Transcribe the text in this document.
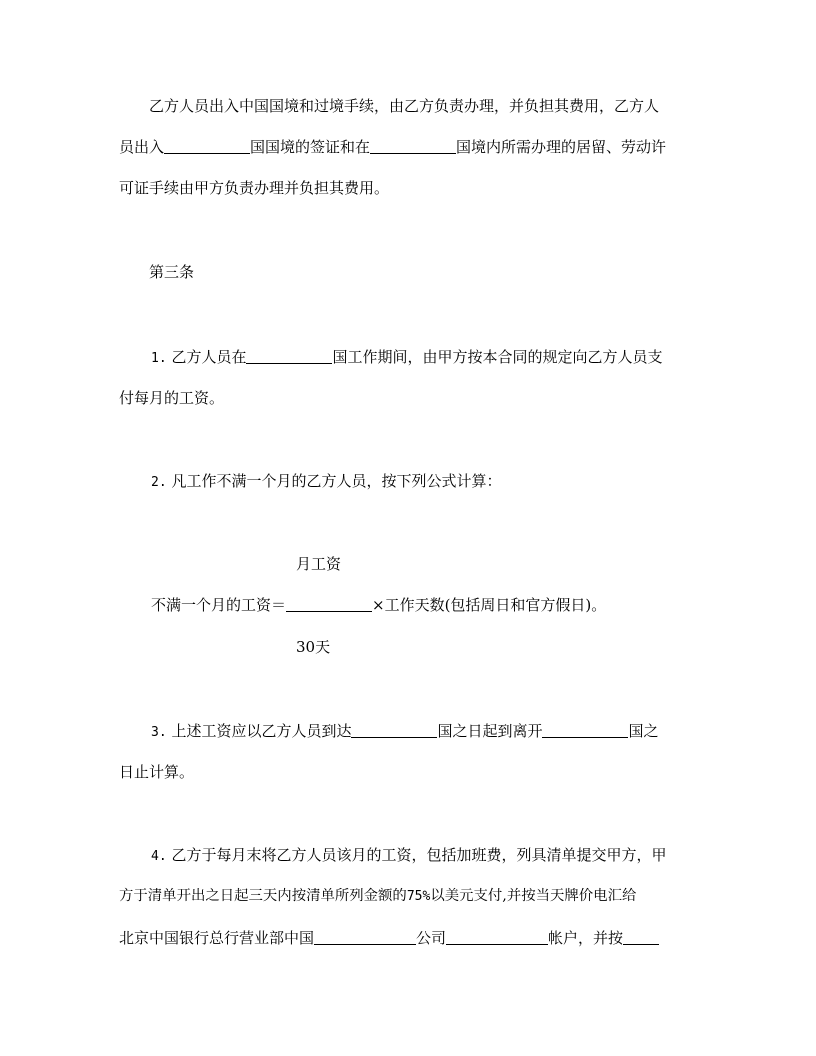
乙方人员出入中国国境和过境手续，由乙方负责办理，并负担其费用，乙方人
员出入	国国境的签证和在	国境内所需办理的居留、劳动许
可证手续由甲方负责办理并负担其费用。
第三条
1. 乙方人员在	国工作期间，由甲方按本合同的规定向乙方人员支
付每月的工资。
2. 凡工作不满一个月的乙方人员，按下列公式计算：
月工资
不满一个月的工资＝	×工作天数(包括周日和官方假日)。
30天
3. 上述工资应以乙方人员到达	国之日起到离开	国之
日止计算。
4. 乙方于每月末将乙方人员该月的工资，包括加班费，列具清单提交甲方，甲
方于清单开出之日起三天内按清单所列金额的75%以美元支付,并按当天牌价电汇给
北京中国银行总行营业部中国	公司	帐户，并按
